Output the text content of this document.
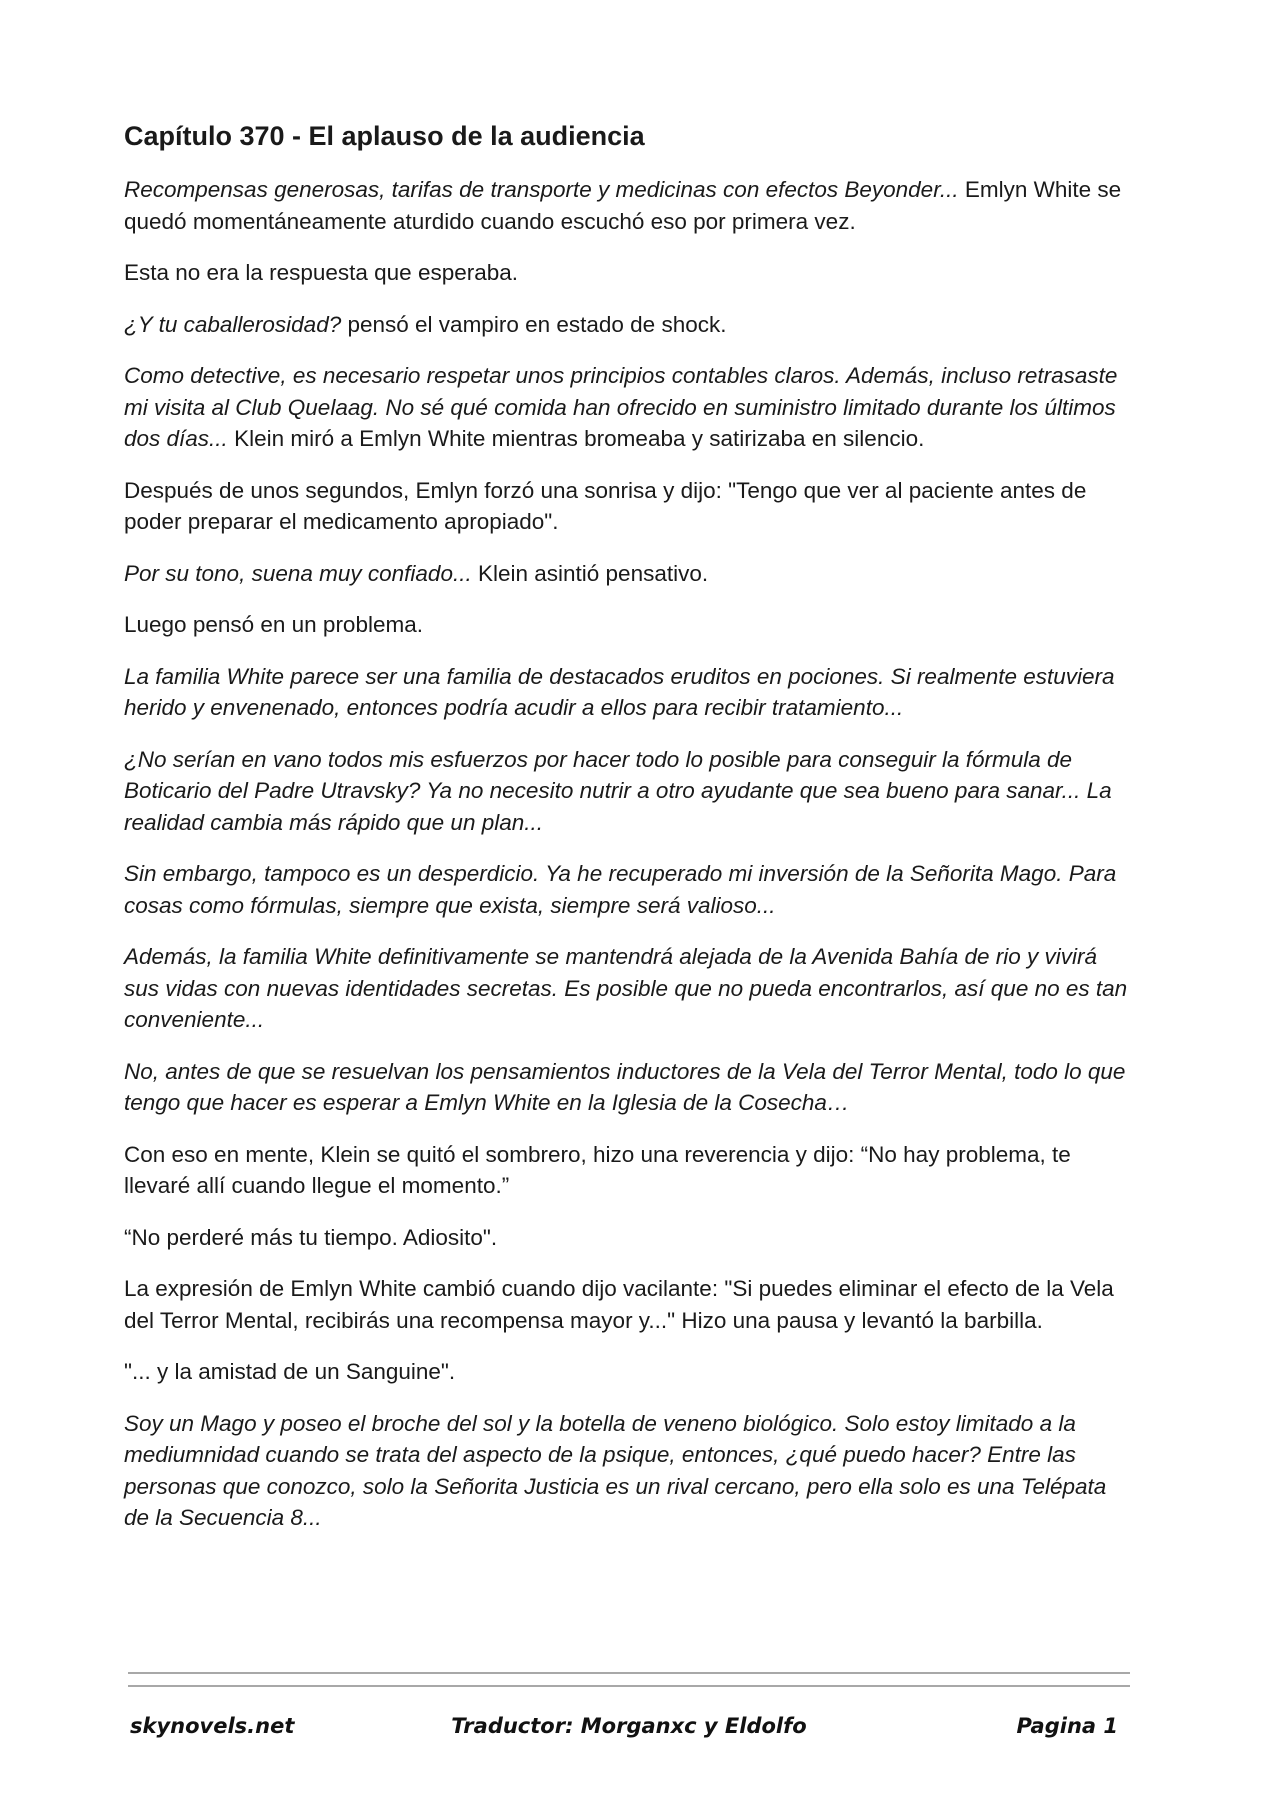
Capítulo 370 - El aplauso de la audiencia

Recompensas generosas, tarifas de transporte y medicinas con efectos Beyonder... Emlyn White se quedó momentáneamente aturdido cuando escuchó eso por primera vez.

Esta no era la respuesta que esperaba.

¿Y tu caballerosidad? pensó el vampiro en estado de shock.

Como detective, es necesario respetar unos principios contables claros. Además, incluso retrasaste mi visita al Club Quelaag. No sé qué comida han ofrecido en suministro limitado durante los últimos dos días... Klein miró a Emlyn White mientras bromeaba y satirizaba en silencio.

Después de unos segundos, Emlyn forzó una sonrisa y dijo: "Tengo que ver al paciente antes de poder preparar el medicamento apropiado".

Por su tono, suena muy confiado... Klein asintió pensativo.

Luego pensó en un problema.

La familia White parece ser una familia de destacados eruditos en pociones. Si realmente estuviera herido y envenenado, entonces podría acudir a ellos para recibir tratamiento...

¿No serían en vano todos mis esfuerzos por hacer todo lo posible para conseguir la fórmula de Boticario del Padre Utravsky? Ya no necesito nutrir a otro ayudante que sea bueno para sanar... La realidad cambia más rápido que un plan...

Sin embargo, tampoco es un desperdicio. Ya he recuperado mi inversión de la Señorita Mago. Para cosas como fórmulas, siempre que exista, siempre será valioso...

Además, la familia White definitivamente se mantendrá alejada de la Avenida Bahía de rio y vivirá sus vidas con nuevas identidades secretas. Es posible que no pueda encontrarlos, así que no es tan conveniente...

No, antes de que se resuelvan los pensamientos inductores de la Vela del Terror Mental, todo lo que tengo que hacer es esperar a Emlyn White en la Iglesia de la Cosecha…

Con eso en mente, Klein se quitó el sombrero, hizo una reverencia y dijo: “No hay problema, te llevaré allí cuando llegue el momento.”

“No perderé más tu tiempo. Adiosito".

La expresión de Emlyn White cambió cuando dijo vacilante: "Si puedes eliminar el efecto de la Vela del Terror Mental, recibirás una recompensa mayor y..." Hizo una pausa y levantó la barbilla.

"... y la amistad de un Sanguine".

Soy un Mago y poseo el broche del sol y la botella de veneno biológico. Solo estoy limitado a la mediumnidad cuando se trata del aspecto de la psique, entonces, ¿qué puedo hacer? Entre las personas que conozco, solo la Señorita Justicia es un rival cercano, pero ella solo es una Telépata de la Secuencia 8...

skynovels.net	Traductor: Morganxc y Eldolfo	Pagina 1
